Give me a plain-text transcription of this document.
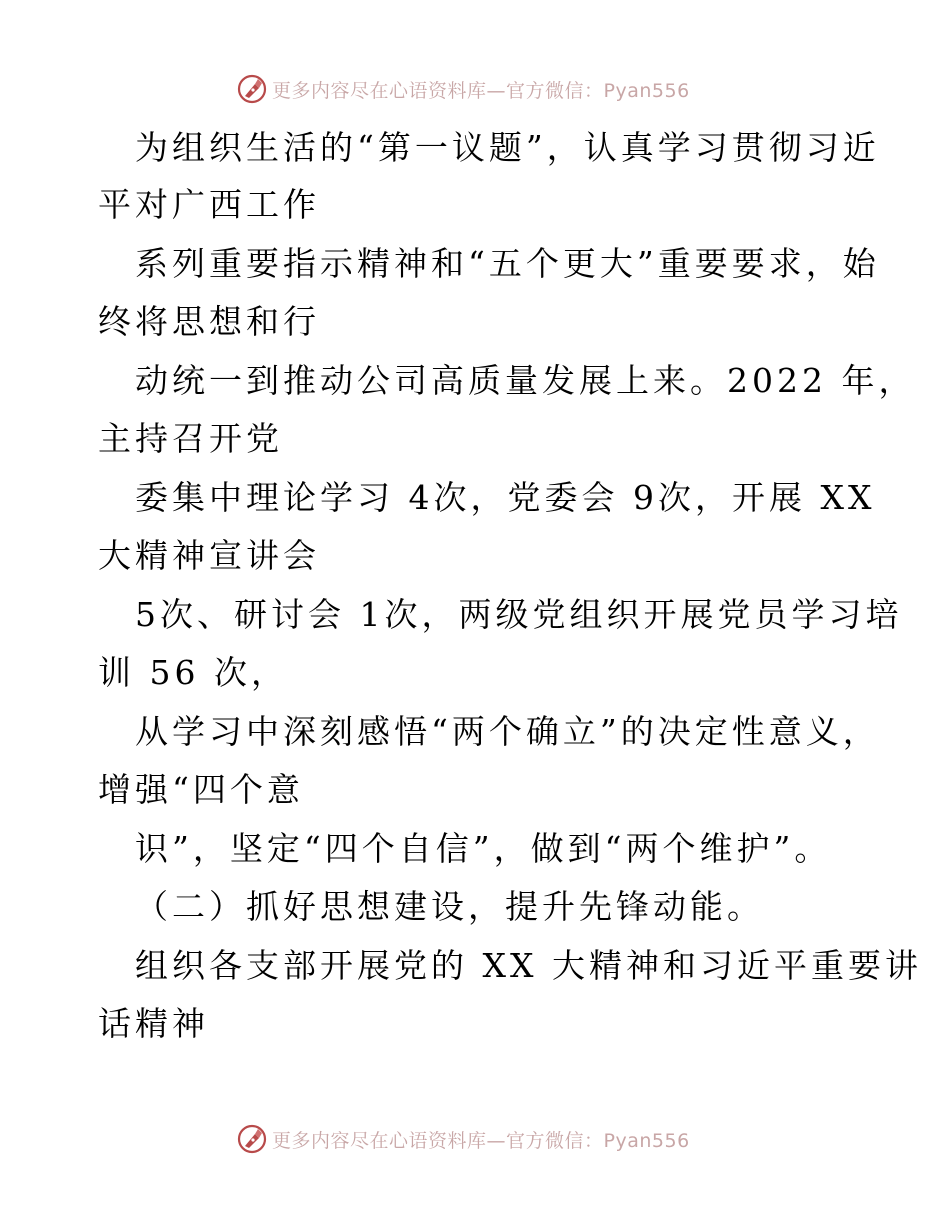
更多内容尽在心语资料库—官方微信：Pyan556
为组织生活的“第一议题”，认真学习贯彻习近
平对广西工作
系列重要指示精神和“五个更大”重要要求，始
终将思想和行
动统一到推动公司高质量发展上来。2022 年，
主持召开党
委集中理论学习 4次，党委会 9次，开展 XX
大精神宣讲会
5次、研讨会 1次，两级党组织开展党员学习培
训 56 次，
从学习中深刻感悟“两个确立”的决定性意义，
增强“四个意
识”，坚定“四个自信”，做到“两个维护”。
（二）抓好思想建设，提升先锋动能。
组织各支部开展党的 XX 大精神和习近平重要讲
话精神
更多内容尽在心语资料库—官方微信：Pyan556
